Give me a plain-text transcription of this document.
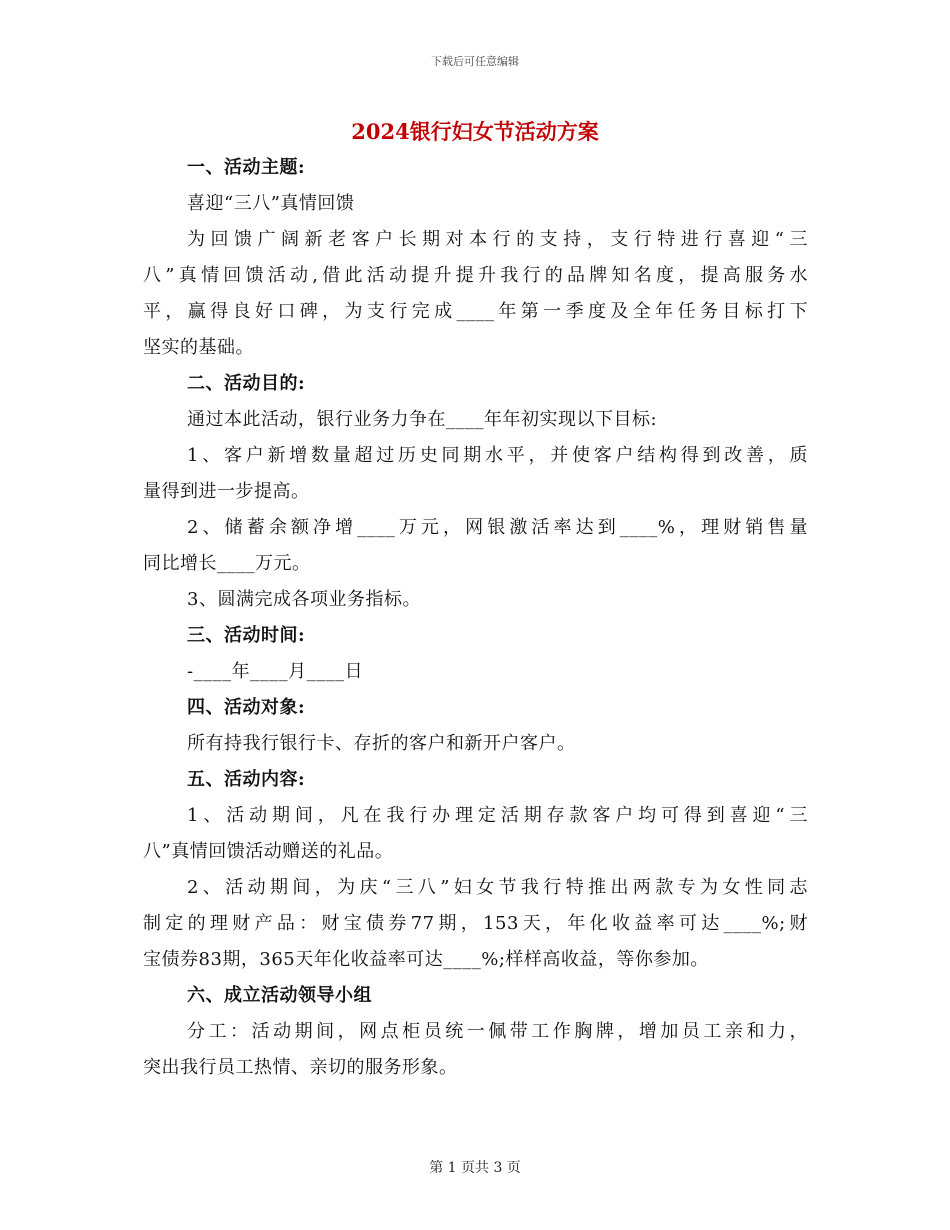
下载后可任意编辑
2024银行妇女节活动方案
一、活动主题:
喜迎“三八”真情回馈
为回馈广阔新老客户长期对本行的支持，支行特进行喜迎“三
八”真情回馈活动,借此活动提升提升我行的品牌知名度，提高服务水
平，赢得良好口碑，为支行完成____年第一季度及全年任务目标打下
坚实的基础。
二、活动目的:
通过本此活动，银行业务力争在____年年初实现以下目标:
1、客户新增数量超过历史同期水平，并使客户结构得到改善，质
量得到进一步提高。
2、储蓄余额净增____万元，网银激活率达到____%，理财销售量
同比增长____万元。
3、圆满完成各项业务指标。
三、活动时间:
-____年____月____日
四、活动对象:
所有持我行银行卡、存折的客户和新开户客户。
五、活动内容:
1、活动期间，凡在我行办理定活期存款客户均可得到喜迎“三
八”真情回馈活动赠送的礼品。
2、活动期间，为庆“三八”妇女节我行特推出两款专为女性同志
制定的理财产品：财宝债券77期，153天，年化收益率可达____%;财
宝债券83期，365天年化收益率可达____%;样样高收益，等你参加。
六、成立活动领导小组
分工：活动期间，网点柜员统一佩带工作胸牌，增加员工亲和力，
突出我行员工热情、亲切的服务形象。
第 1 页共 3 页
